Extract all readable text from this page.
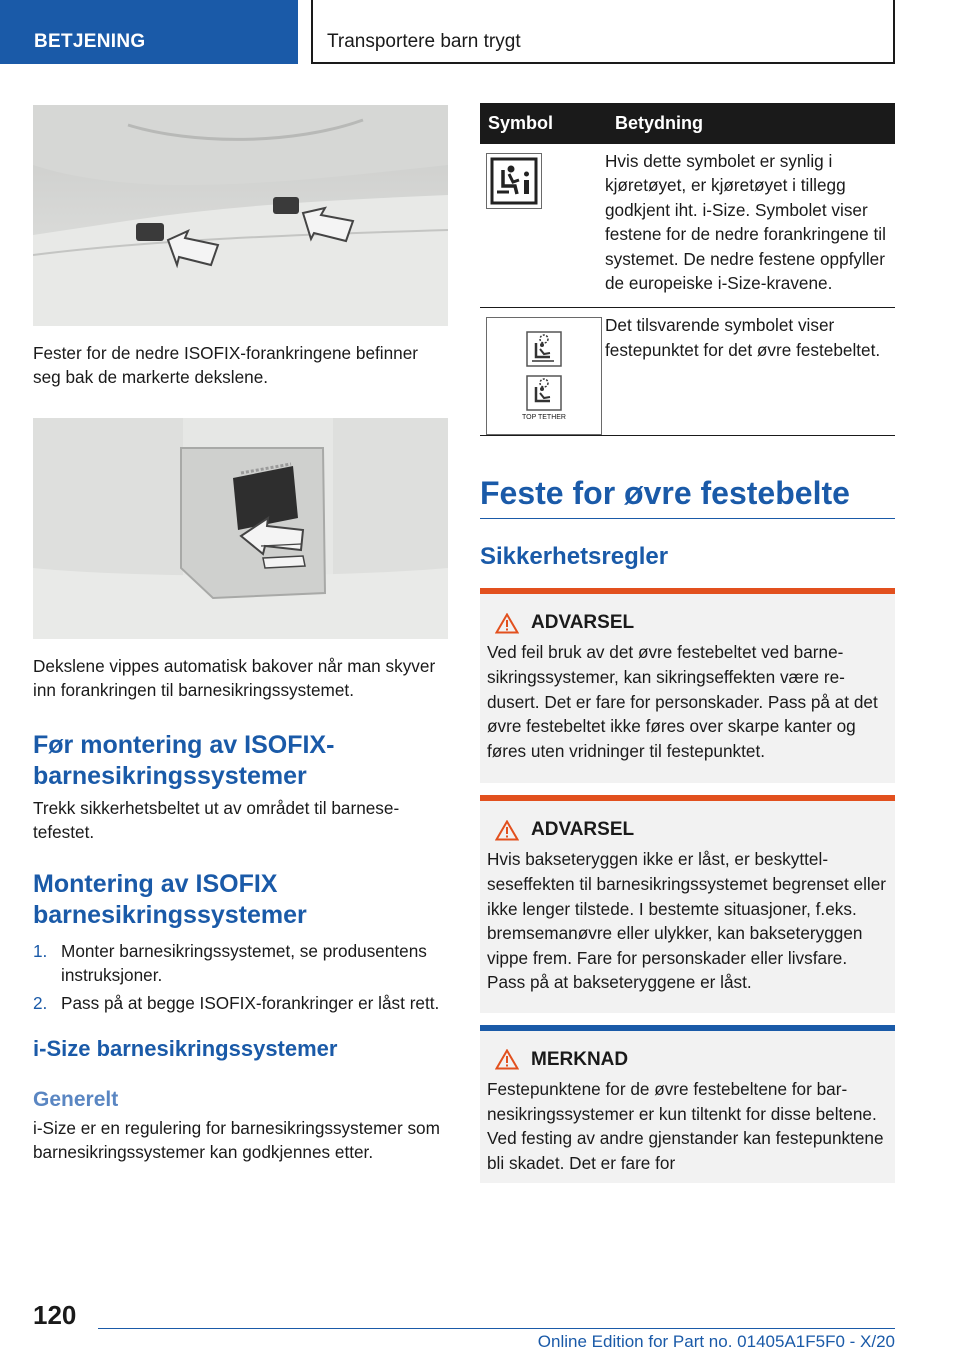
BETJENING	Transportere barn trygt
Fester for de nedre ISOFIX-forankringene befinner seg bak de markerte dekslene.
Dekslene vippes automatisk bakover når man skyver inn forankringen til barnesikringssystemet.
Før montering av ISOFIX-barnesikringssystemer
Trekk sikkerhetsbeltet ut av området til barnesetefestet.
Montering av ISOFIX barnesikringssystemer
1. Monter barnesikringssystemet, se produsentens instruksjoner.
2. Pass på at begge ISOFIX-forankringer er låst rett.
i-Size barnesikringssystemer
Generelt
i-Size er en regulering for barnesikringssystemer som barnesikringssystemer kan godkjennes etter.
Symbol	Betydning

	Hvis dette symbolet er synlig i kjøretøyet, er kjøretøyet i tillegg godkjent iht. i-Size. Symbolet viser festene for de nedre forankringene til systemet. De nedre festene oppfyller de europeiske i-Size-kravene.

TOP TETHER	Det tilsvarende symbolet viser festepunktet for det øvre festebeltet.
Feste for øvre festebelte
Sikkerhetsregler
ADVARSEL
Ved feil bruk av det øvre festebeltet ved barnesikringssystemer, kan sikringseffekten være redusert. Det er fare for personskader. Pass på at det øvre festebeltet ikke føres over skarpe kanter og føres uten vridninger til festepunktet.
ADVARSEL
Hvis bakseteryggen ikke er låst, er beskyttelseseffekten til barnesikringssystemet begrenset eller ikke lenger tilstede. I bestemte situasjoner, f.eks. bremsemanøvre eller ulykker, kan bakseteryggen vippe frem. Fare for personskader eller livsfare. Pass på at bakseteryggene er låst.
MERKNAD
Festepunktene for de øvre festebeltene for barnesikringssystemer er kun tiltenkt for disse beltene. Ved festing av andre gjenstander kan festepunktene bli skadet. Det er fare for
120
Online Edition for Part no. 01405A1F5F0 - X/20
